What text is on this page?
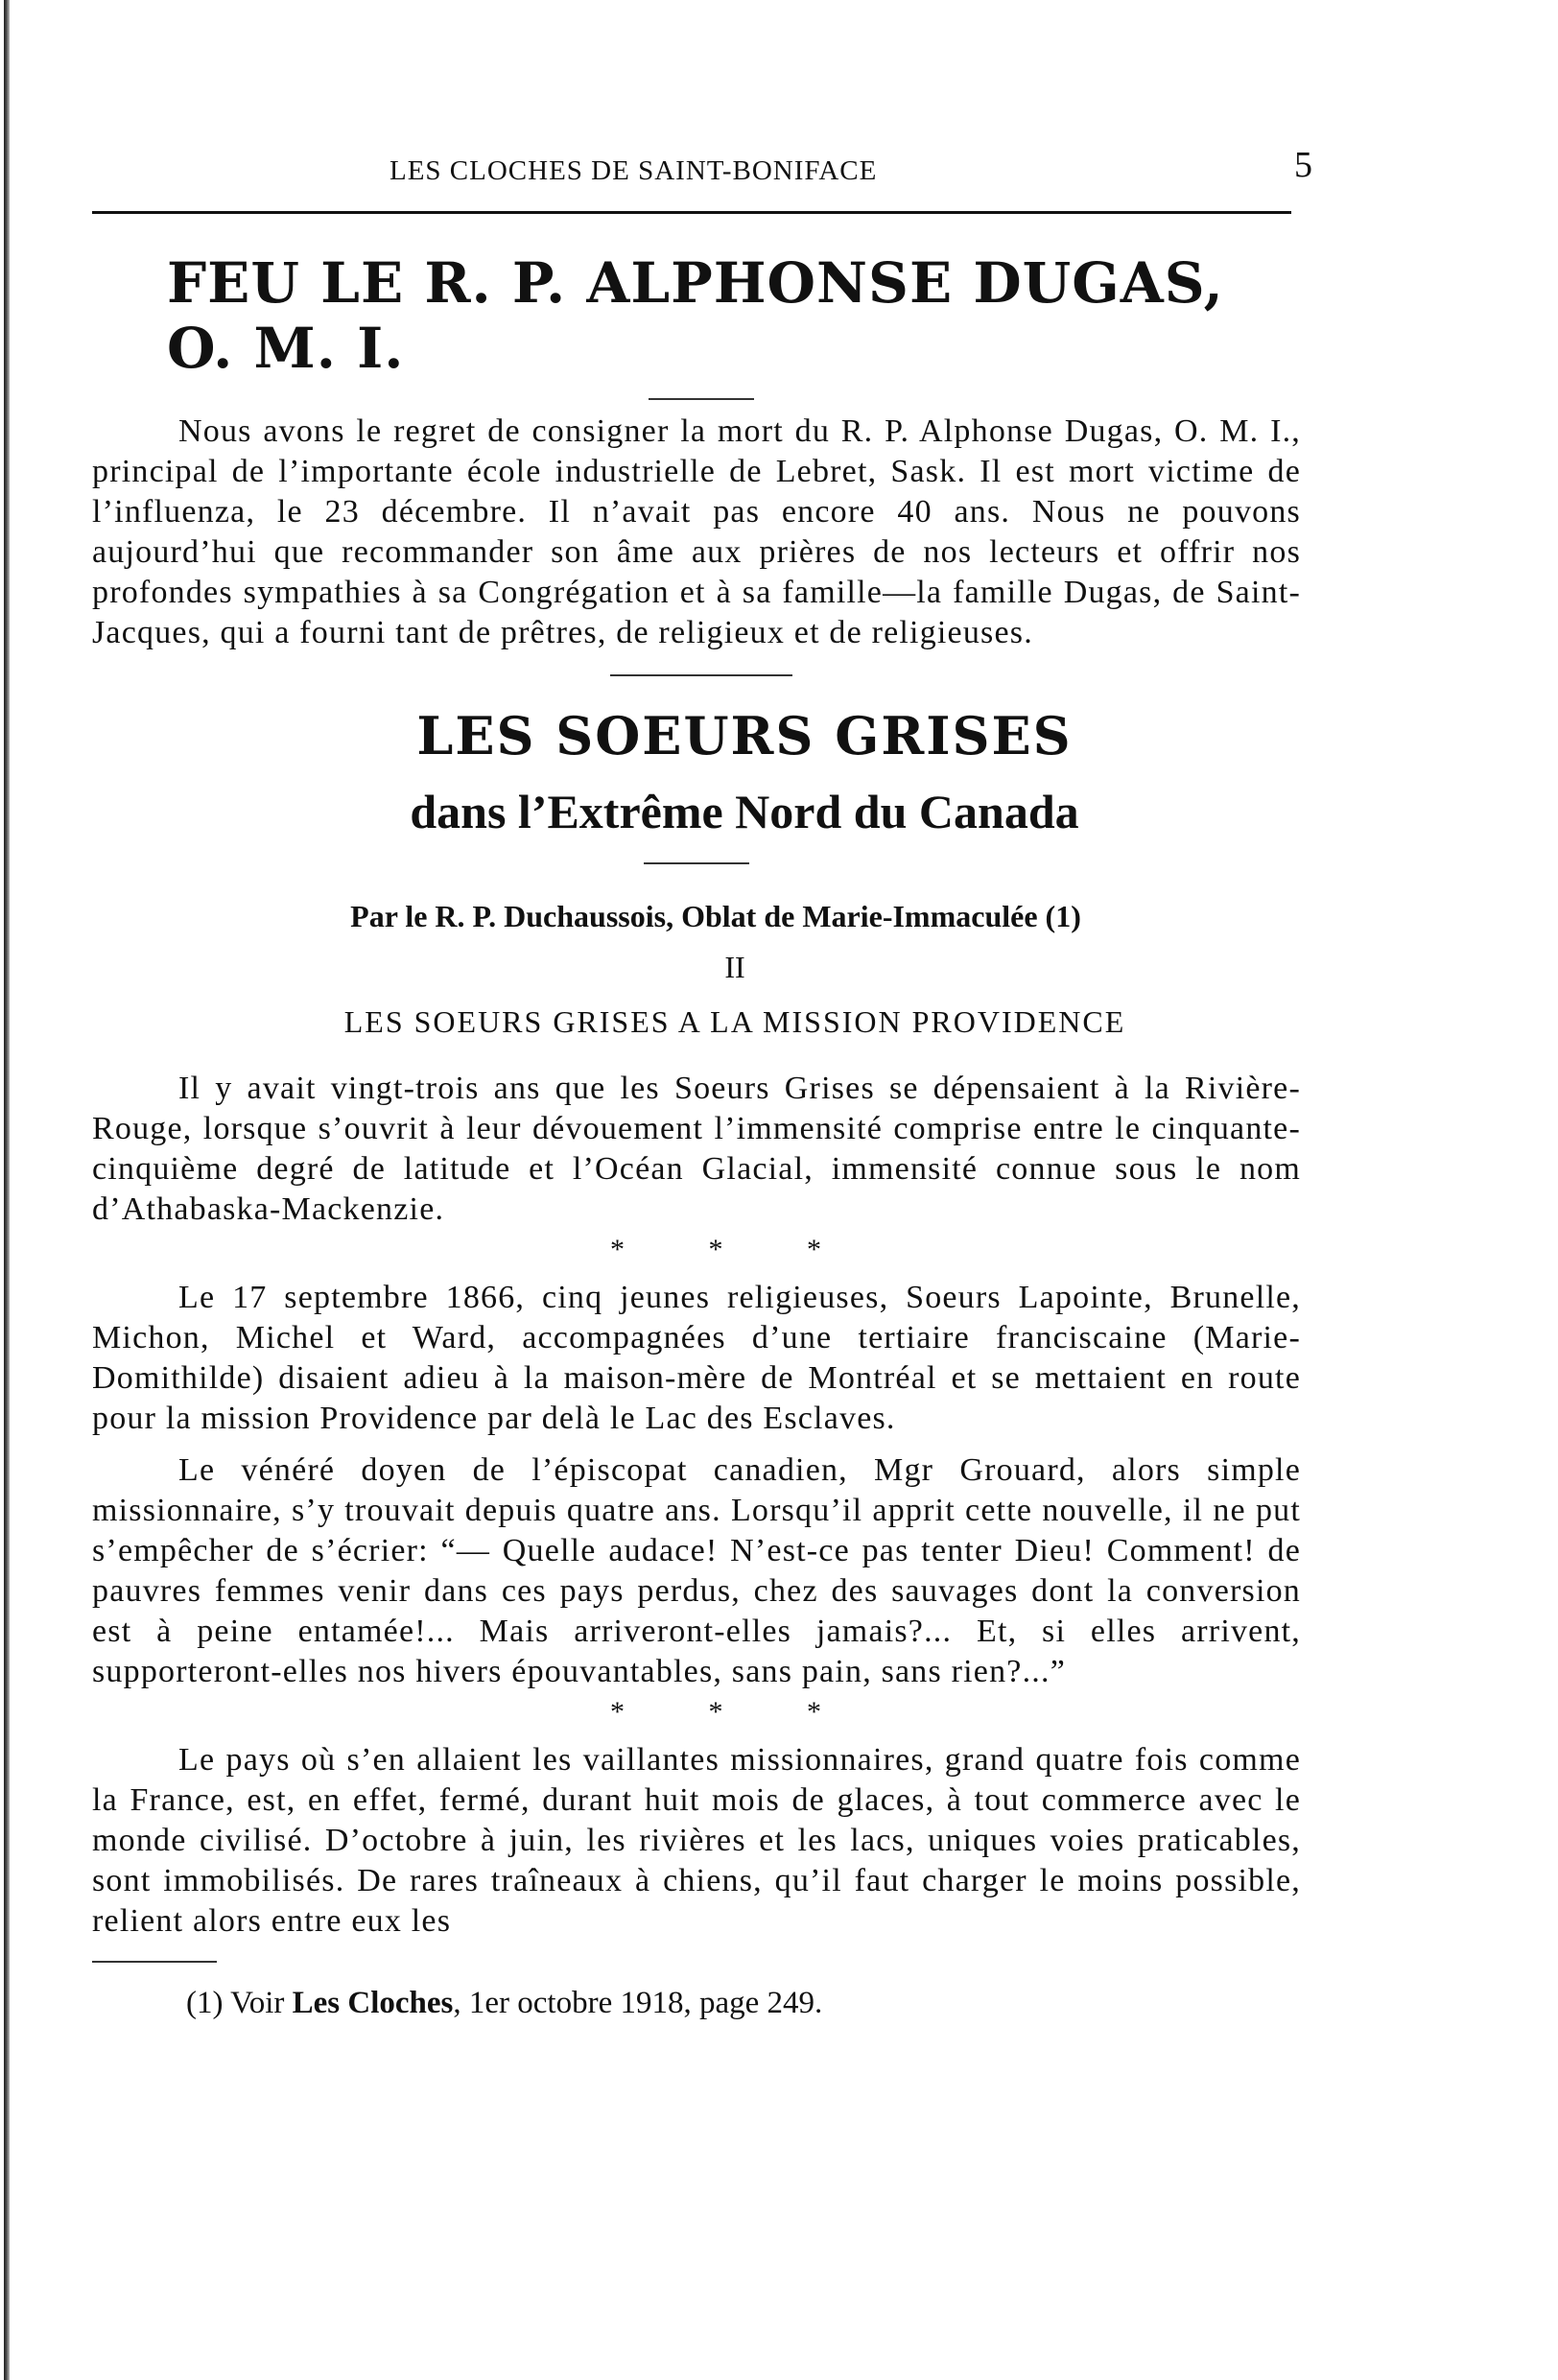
LES CLOCHES DE SAINT-BONIFACE	5
FEU LE R. P. ALPHONSE DUGAS, O. M. I.

Nous avons le regret de consigner la mort du R. P. Alphonse Dugas, O. M. I., principal de l’importante école industrielle de Lebret, Sask. Il est mort victime de l’influenza, le 23 décembre. Il n’avait pas encore 40 ans. Nous ne pouvons aujourd’hui que recommander son âme aux prières de nos lecteurs et offrir nos profondes sympathies à sa Congrégation et à sa famille—la famille Dugas, de Saint-Jacques, qui a fourni tant de prêtres, de religieux et de religieuses.

LES SOEURS GRISES
dans l’Extrême Nord du Canada
Par le R. P. Duchaussois, Oblat de Marie-Immaculée (1)
II
LES SOEURS GRISES A LA MISSION PROVIDENCE

Il y avait vingt-trois ans que les Soeurs Grises se dépensaient à la Rivière-Rouge, lorsque s’ouvrit à leur dévouement l’immensité comprise entre le cinquante-cinquième degré de latitude et l’Océan Glacial, immensité connue sous le nom d’Athabaska-Mackenzie.

* * *

Le 17 septembre 1866, cinq jeunes religieuses, Soeurs Lapointe, Brunelle, Michon, Michel et Ward, accompagnées d’une tertiaire franciscaine (Marie-Domithilde) disaient adieu à la maison-mère de Montréal et se mettaient en route pour la mission Providence par delà le Lac des Esclaves.

Le vénéré doyen de l’épiscopat canadien, Mgr Grouard, alors simple missionnaire, s’y trouvait depuis quatre ans. Lorsqu’il apprit cette nouvelle, il ne put s’empêcher de s’écrier: “— Quelle audace! N’est-ce pas tenter Dieu! Comment! de pauvres femmes venir dans ces pays perdus, chez des sauvages dont la conversion est à peine entamée!... Mais arriveront-elles jamais?... Et, si elles arrivent, supporteront-elles nos hivers épouvantables, sans pain, sans rien?...”

* * *

Le pays où s’en allaient les vaillantes missionnaires, grand quatre fois comme la France, est, en effet, fermé, durant huit mois de glaces, à tout commerce avec le monde civilisé. D’octobre à juin, les rivières et les lacs, uniques voies praticables, sont immobilisés. De rares traîneaux à chiens, qu’il faut charger le moins possible, relient alors entre eux les

(1) Voir Les Cloches, 1er octobre 1918, page 249.
